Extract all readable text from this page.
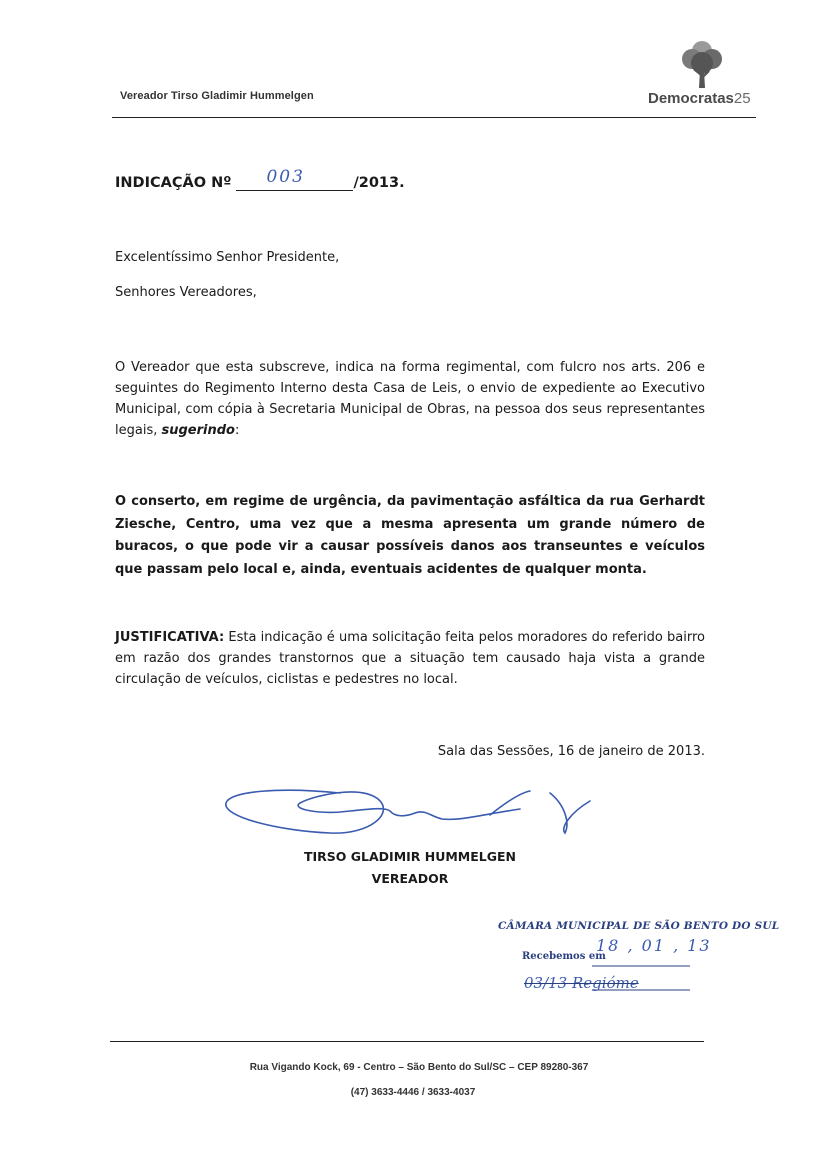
Vereador Tirso Gladimir Hummelgen	Democratas25
INDICAÇÃO Nº 003	/2013.
Excelentíssimo Senhor Presidente,
Senhores Vereadores,
O Vereador que esta subscreve, indica na forma regimental, com fulcro nos arts. 206 e seguintes do Regimento Interno desta Casa de Leis, o envio de expediente ao Executivo Municipal, com cópia à Secretaria Municipal de Obras, na pessoa dos seus representantes legais, sugerindo:
O conserto, em regime de urgência, da pavimentação asfáltica da rua Gerhardt Ziesche, Centro, uma vez que a mesma apresenta um grande número de buracos, o que pode vir a causar possíveis danos aos transeuntes e veículos que passam pelo local e, ainda, eventuais acidentes de qualquer monta.
JUSTIFICATIVA: Esta indicação é uma solicitação feita pelos moradores do referido bairro em razão dos grandes transtornos que a situação tem causado haja vista a grande circulação de veículos, ciclistas e pedestres no local.
Sala das Sessões, 16 de janeiro de 2013.
TIRSO GLADIMIR HUMMELGEN
VEREADOR
CÂMARA MUNICIPAL DE SÃO BENTO DO SUL
Recebemos em
18 , 01 , 13
03/13 Regióme
Rua Vigando Kock, 69 - Centro – São Bento do Sul/SC – CEP 89280-367
(47) 3633-4446 / 3633-4037
